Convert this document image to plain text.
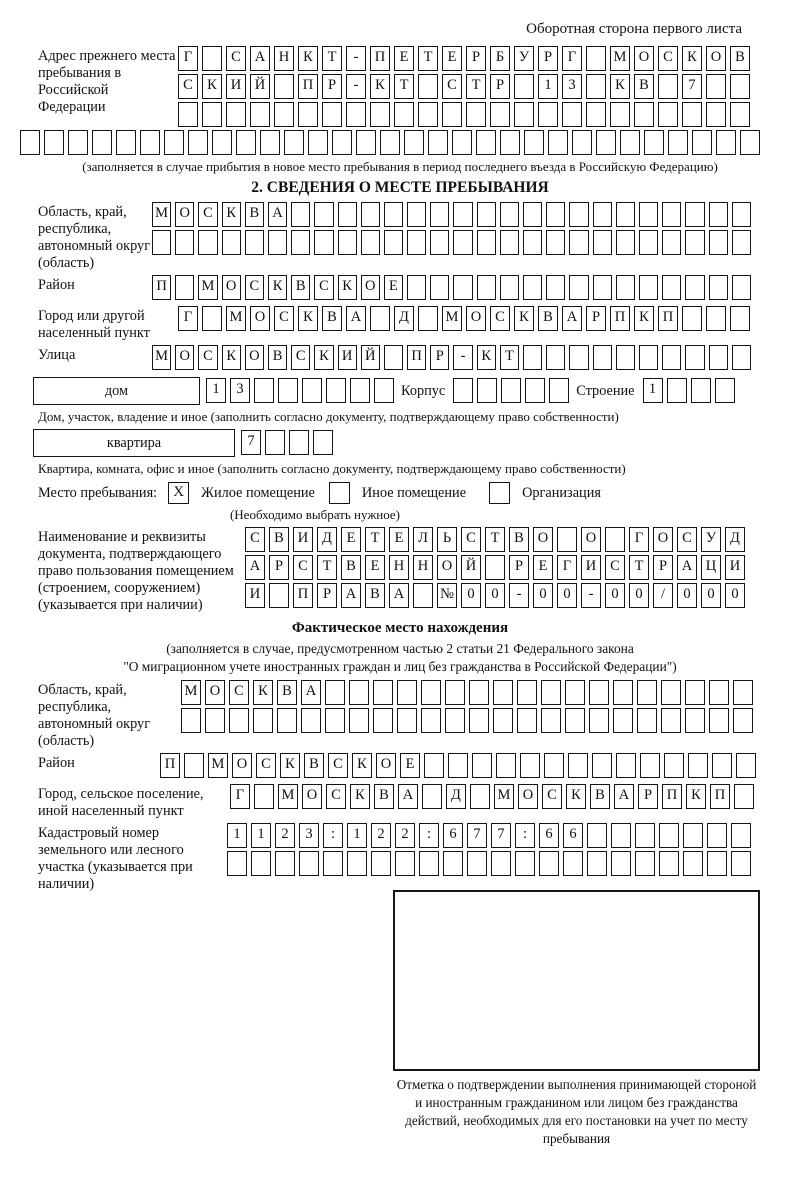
Оборотная сторона первого листа
Адрес прежнего места пребывания в Российской Федерации
Г	С А Н К Т - П Е Т Е Р Б У Р Г	М О С К О В
С К И Й	П Р - К Т	С Т Р	1 3	К В	7
(заполняется в случае прибытия в новое место пребывания в период последнего въезда в Российскую Федерацию)
2. СВЕДЕНИЯ О МЕСТЕ ПРЕБЫВАНИЯ
Область, край, республика, автономный округ (область)
М О С К В А
Район	П М О С К В С К О Е
Город или другой населенный пункт
Г	М О С К В А	Д	М О С К В А Р П К П
Улица	М О С К О В С К И Й П Р - К Т
дом	1 3	Корпус	Строение 1
Дом, участок, владение и иное (заполнить согласно документу, подтверждающему право собственности)
квартира	7
Квартира, комната, офис и иное (заполнить согласно документу, подтверждающему право собственности)
Место пребывания:	X	Жилое помещение	Иное помещение	Организация
(Необходимо выбрать нужное)
Наименование и реквизиты документа, подтверждающего право пользования помещением (строением, сооружением) (указывается при наличии)
С В И Д Е Т Е Л Ь С Т В О	О	Г О С У Д
А Р С Т В Е Н Н О Й	Р Е Г И С Т Р А Ц И
И	П Р А В А № 0 0 - 0 0 - 0 0 / 0 0 0
Фактическое место нахождения
(заполняется в случае, предусмотренном частью 2 статьи 21 Федерального закона
"О миграционном учете иностранных граждан и лиц без гражданства в Российской Федерации")
Область, край, республика, автономный округ (область)
М О С К В А
Район	П	М О С К В С К О Е
Город, сельское поселение, иной населенный пункт
Г	М О С К В А	Д	М О С К В А Р П К П
Кадастровый номер земельного или лесного участка (указывается при наличии)
1 1 2 3 : 1 2 2 : 6 7 7 : 6 6
Отметка о подтверждении выполнения принимающей стороной и иностранным гражданином или лицом без гражданства действий, необходимых для его постановки на учет по месту пребывания
